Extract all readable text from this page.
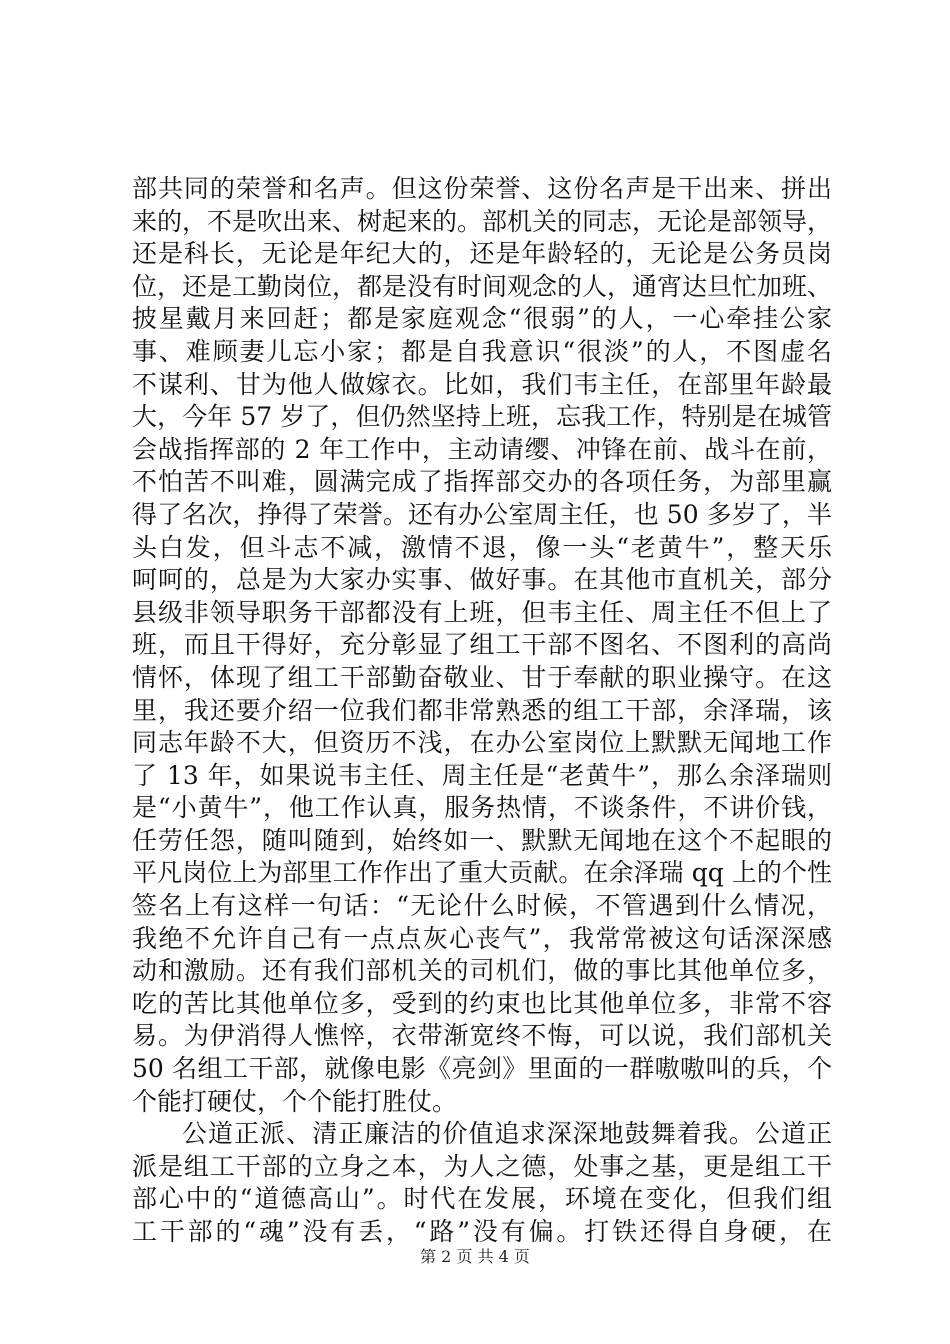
部共同的荣誉和名声。但这份荣誉、这份名声是干出来、拼出
来的，不是吹出来、树起来的。部机关的同志，无论是部领导，
还是科长，无论是年纪大的，还是年龄轻的，无论是公务员岗
位，还是工勤岗位，都是没有时间观念的人，通宵达旦忙加班、
披星戴月来回赶；都是家庭观念“很弱”的人，一心牵挂公家
事、难顾妻儿忘小家；都是自我意识“很淡”的人，不图虚名
不谋利、甘为他人做嫁衣。比如，我们韦主任，在部里年龄最
大，今年 57 岁了，但仍然坚持上班，忘我工作，特别是在城管
会战指挥部的 2 年工作中，主动请缨、冲锋在前、战斗在前，
不怕苦不叫难，圆满完成了指挥部交办的各项任务，为部里赢
得了名次，挣得了荣誉。还有办公室周主任，也 50 多岁了，半
头白发，但斗志不减，激情不退，像一头“老黄牛”，整天乐
呵呵的，总是为大家办实事、做好事。在其他市直机关，部分
县级非领导职务干部都没有上班，但韦主任、周主任不但上了
班，而且干得好，充分彰显了组工干部不图名、不图利的高尚
情怀，体现了组工干部勤奋敬业、甘于奉献的职业操守。在这
里，我还要介绍一位我们都非常熟悉的组工干部，余泽瑞，该
同志年龄不大，但资历不浅，在办公室岗位上默默无闻地工作
了 13 年，如果说韦主任、周主任是“老黄牛”，那么余泽瑞则
是“小黄牛”，他工作认真，服务热情，不谈条件，不讲价钱，
任劳任怨，随叫随到，始终如一、默默无闻地在这个不起眼的
平凡岗位上为部里工作作出了重大贡献。在余泽瑞 qq 上的个性
签名上有这样一句话：“无论什么时候，不管遇到什么情况，
我绝不允许自己有一点点灰心丧气”，我常常被这句话深深感
动和激励。还有我们部机关的司机们，做的事比其他单位多，
吃的苦比其他单位多，受到的约束也比其他单位多，非常不容
易。为伊消得人憔悴，衣带渐宽终不悔，可以说，我们部机关
50 名组工干部，就像电影《亮剑》里面的一群嗷嗷叫的兵，个
个能打硬仗，个个能打胜仗。
公道正派、清正廉洁的价值追求深深地鼓舞着我。公道正
派是组工干部的立身之本，为人之德，处事之基，更是组工干
部心中的“道德高山”。时代在发展，环境在变化，但我们组
工干部的“魂”没有丢，“路”没有偏。打铁还得自身硬，在
第 2 页 共 4 页
